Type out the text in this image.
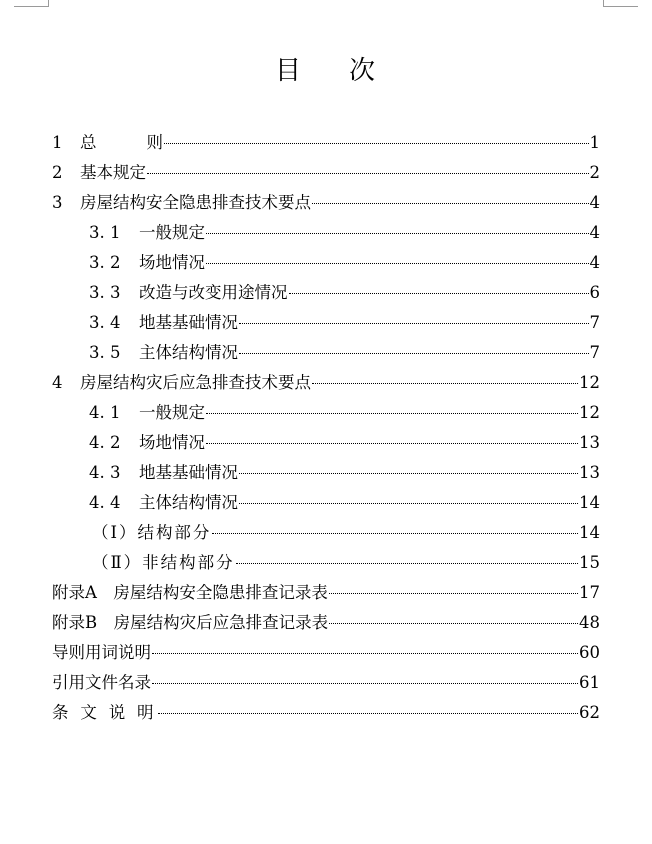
目 次
1	总	则	1
2	基本规定	2
3	房屋结构安全隐患排查技术要点	4
3. 1	一般规定	4
3. 2	场地情况	4
3. 3	改造与改变用途情况	6
3. 4	地基基础情况	7
3. 5	主体结构情况	7
4	房屋结构灾后应急排查技术要点	12
4. 1	一般规定	12
4. 2	场地情况	13
4. 3	地基基础情况	13
4. 4	主体结构情况	14
（Ⅰ）结构部分	14
（Ⅱ）非结构部分	15
附录A　房屋结构安全隐患排查记录表	17
附录B　房屋结构灾后应急排查记录表	48
导则用词说明	60
引用文件名录	61
条 文 说 明	62
